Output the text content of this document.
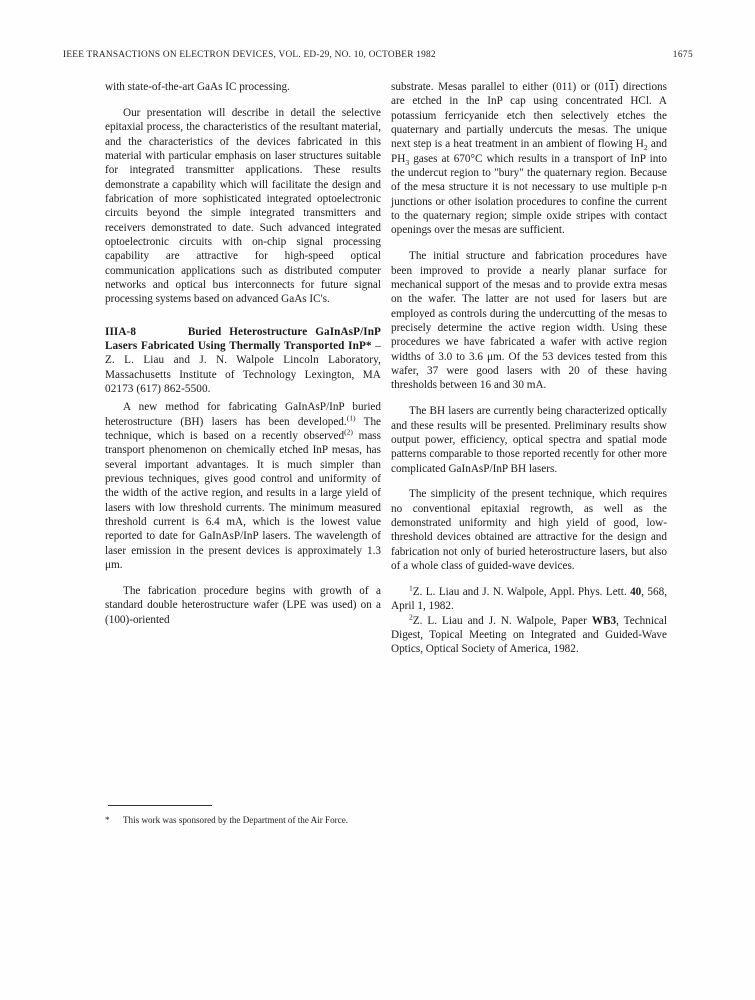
IEEE TRANSACTIONS ON ELECTRON DEVICES, VOL. ED-29, NO. 10, OCTOBER 1982	1675

with state-of-the-art GaAs IC processing.

Our presentation will describe in detail the selective epitaxial process, the characteristics of the resultant material, and the characteristics of the devices fabricated in this material with particular emphasis on laser structures suitable for integrated transmitter applications. These results demonstrate a capability which will facilitate the design and fabrication of more sophisticated integrated optoelectronic circuits beyond the simple integrated transmitters and receivers demonstrated to date. Such advanced integrated optoelectronic circuits with on-chip signal processing capability are attractive for high-speed optical communication applications such as distributed computer networks and optical bus interconnects for future signal processing systems based on advanced GaAs IC's.

IIIA-8	Buried Heterostructure GaInAsP/InP Lasers Fabricated Using Thermally Transported InP* –Z. L. Liau and J. N. Walpole Lincoln Laboratory, Massachusetts Institute of Technology Lexington, MA 02173 (617) 862-5500.

A new method for fabricating GaInAsP/InP buried heterostructure (BH) lasers has been developed.$^{(1)}$ The technique, which is based on a recently observed$^{(2)}$ mass transport phenomenon on chemically etched InP mesas, has several important advantages. It is much simpler than previous techniques, gives good control and uniformity of the width of the active region, and results in a large yield of lasers with low threshold currents. The minimum measured threshold current is 6.4 mA, which is the lowest value reported to date for GaInAsP/InP lasers. The wavelength of laser emission in the present devices is approximately 1.3 μm.

The fabrication procedure begins with growth of a standard double heterostructure wafer (LPE was used) on a (100)-oriented

*	This work was sponsored by the Department of the Air Force.

substrate. Mesas parallel to either (011) or (011) directions are etched in the InP cap using concentrated HCl. A potassium ferricyanide etch then selectively etches the quaternary and partially undercuts the mesas. The unique next step is a heat treatment in an ambient of flowing $H_2$ and $PH_3$ gases at 670°C which results in a transport of InP into the undercut region to "bury" the quaternary region. Because of the mesa structure it is not necessary to use multiple p-n junctions or other isolation procedures to confine the current to the quaternary region; simple oxide stripes with contact openings over the mesas are sufficient.

The initial structure and fabrication procedures have been improved to provide a nearly planar surface for mechanical support of the mesas and to provide extra mesas on the wafer. The latter are not used for lasers but are employed as controls during the undercutting of the mesas to precisely determine the active region width. Using these procedures we have fabricated a wafer with active region widths of 3.0 to 3.6 μm. Of the 53 devices tested from this wafer, 37 were good lasers with 20 of these having thresholds between 16 and 30 mA.

The BH lasers are currently being characterized optically and these results will be presented. Preliminary results show output power, efficiency, optical spectra and spatial mode patterns comparable to those reported recently for other more complicated GaInAsP/InP BH lasers.

The simplicity of the present technique, which requires no conventional epitaxial regrowth, as well as the demonstrated uniformity and high yield of good, low-threshold devices obtained are attractive for the design and fabrication not only of buried heterostructure lasers, but also of a whole class of guided-wave devices.

$^1$Z. L. Liau and J. N. Walpole, Appl. Phys. Lett. 40, 568, April 1, 1982.

$^2$Z. L. Liau and J. N. Walpole, Paper WB3, Technical Digest, Topical Meeting on Integrated and Guided-Wave Optics, Optical Society of America, 1982.
